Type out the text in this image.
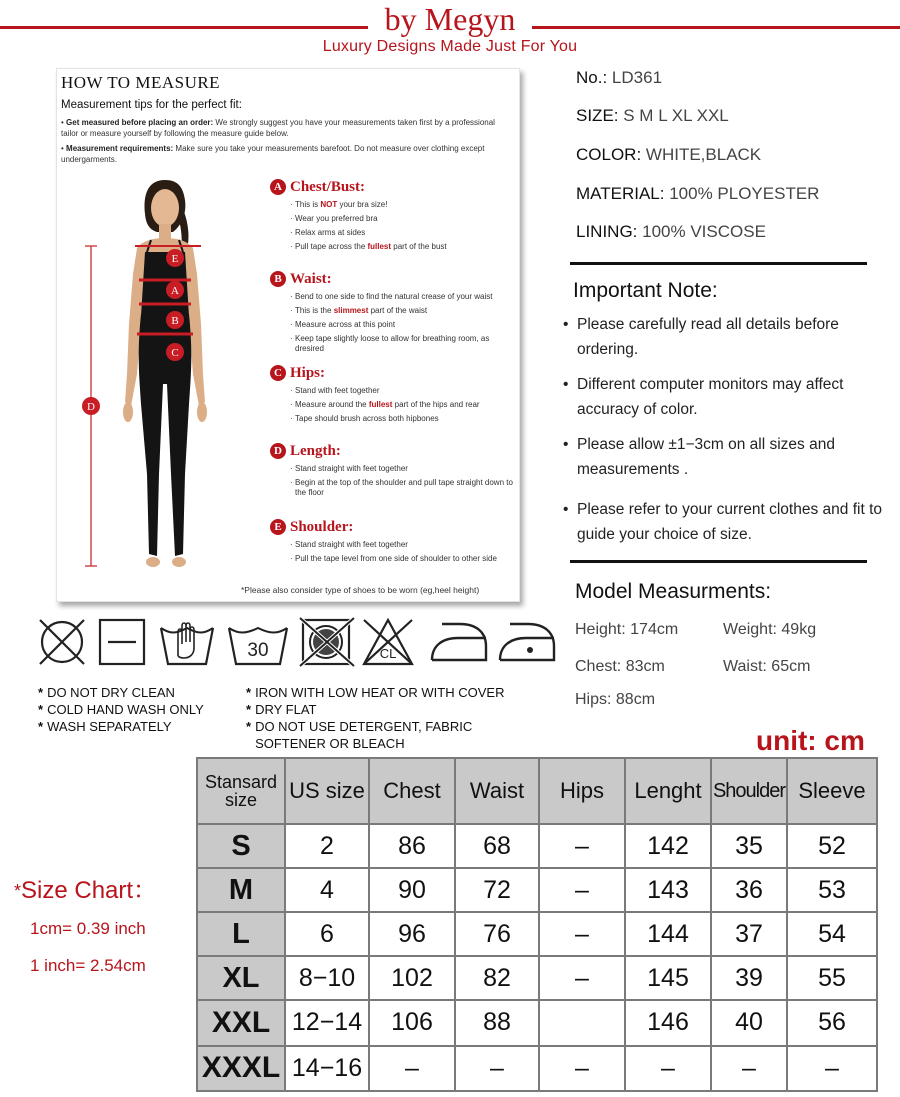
by Megyn
Luxury Designs Made Just For You
HOW TO MEASURE
Measurement tips for the perfect fit:
• Get measured before placing an order: We strongly suggest you have your measurements taken first by a professional tailor or measure yourself by following the measure guide below.
• Measurement requirements: Make sure you take your measurements barefoot. Do not measure over clothing except undergarments.
E
A
B
C
D
A Chest/Bust:
· This is NOT your bra size!
· Wear you preferred bra
· Relax arms at sides
· Pull tape across the fullest part of the bust
B Waist:
· Bend to one side to find the natural crease of your waist
· This is the slimmest part of the waist
· Measure across at this point
· Keep tape slightly loose to allow for breathing room, as dresired
C Hips:
· Stand with feet together
· Measure around the fullest part of the hips and rear
· Tape should brush across both hipbones
D Length:
· Stand straight with feet together
· Begin at the top of the shoulder and pull tape straight down to the floor
E Shoulder:
· Stand straight with feet together
· Pull the tape level from one side of shoulder to other side
*Please also consider type of shoes to be worn (eg,heel height)
No.: LD361
SIZE: S M L XL XXL
COLOR: WHITE,BLACK
MATERIAL: 100% PLOYESTER
LINING: 100% VISCOSE
Important Note:
• Please carefully read all details before ordering.
• Different computer monitors may affect accuracy of color.
• Please allow ±1−3cm on all sizes and measurements .
• Please refer to your current clothes and fit to guide your choice of size.
Model Measurments:
Height: 174cm	Weight: 49kg
Chest: 83cm	Waist: 65cm
Hips: 88cm
30	CL
* DO NOT DRY CLEAN
* COLD HAND WASH ONLY
* WASH SEPARATELY
* IRON WITH LOW HEAT OR WITH COVER
* DRY FLAT
* DO NOT USE DETERGENT, FABRIC SOFTENER OR BLEACH	unit: cm
*Size Chart：
1cm= 0.39 inch
1 inch= 2.54cm
Stansard
size	US size	Chest	Waist	Hips	Lenght	Shoulder	Sleeve
S	2	86	68	–	142	35	52
M	4	90	72	–	143	36	53
L	6	96	76	–	144	37	54
XL	8−10	102	82	–	145	39	55
XXL	12−14	106	88		146	40	56
XXXL	14−16	–	–	–	–	–	–
